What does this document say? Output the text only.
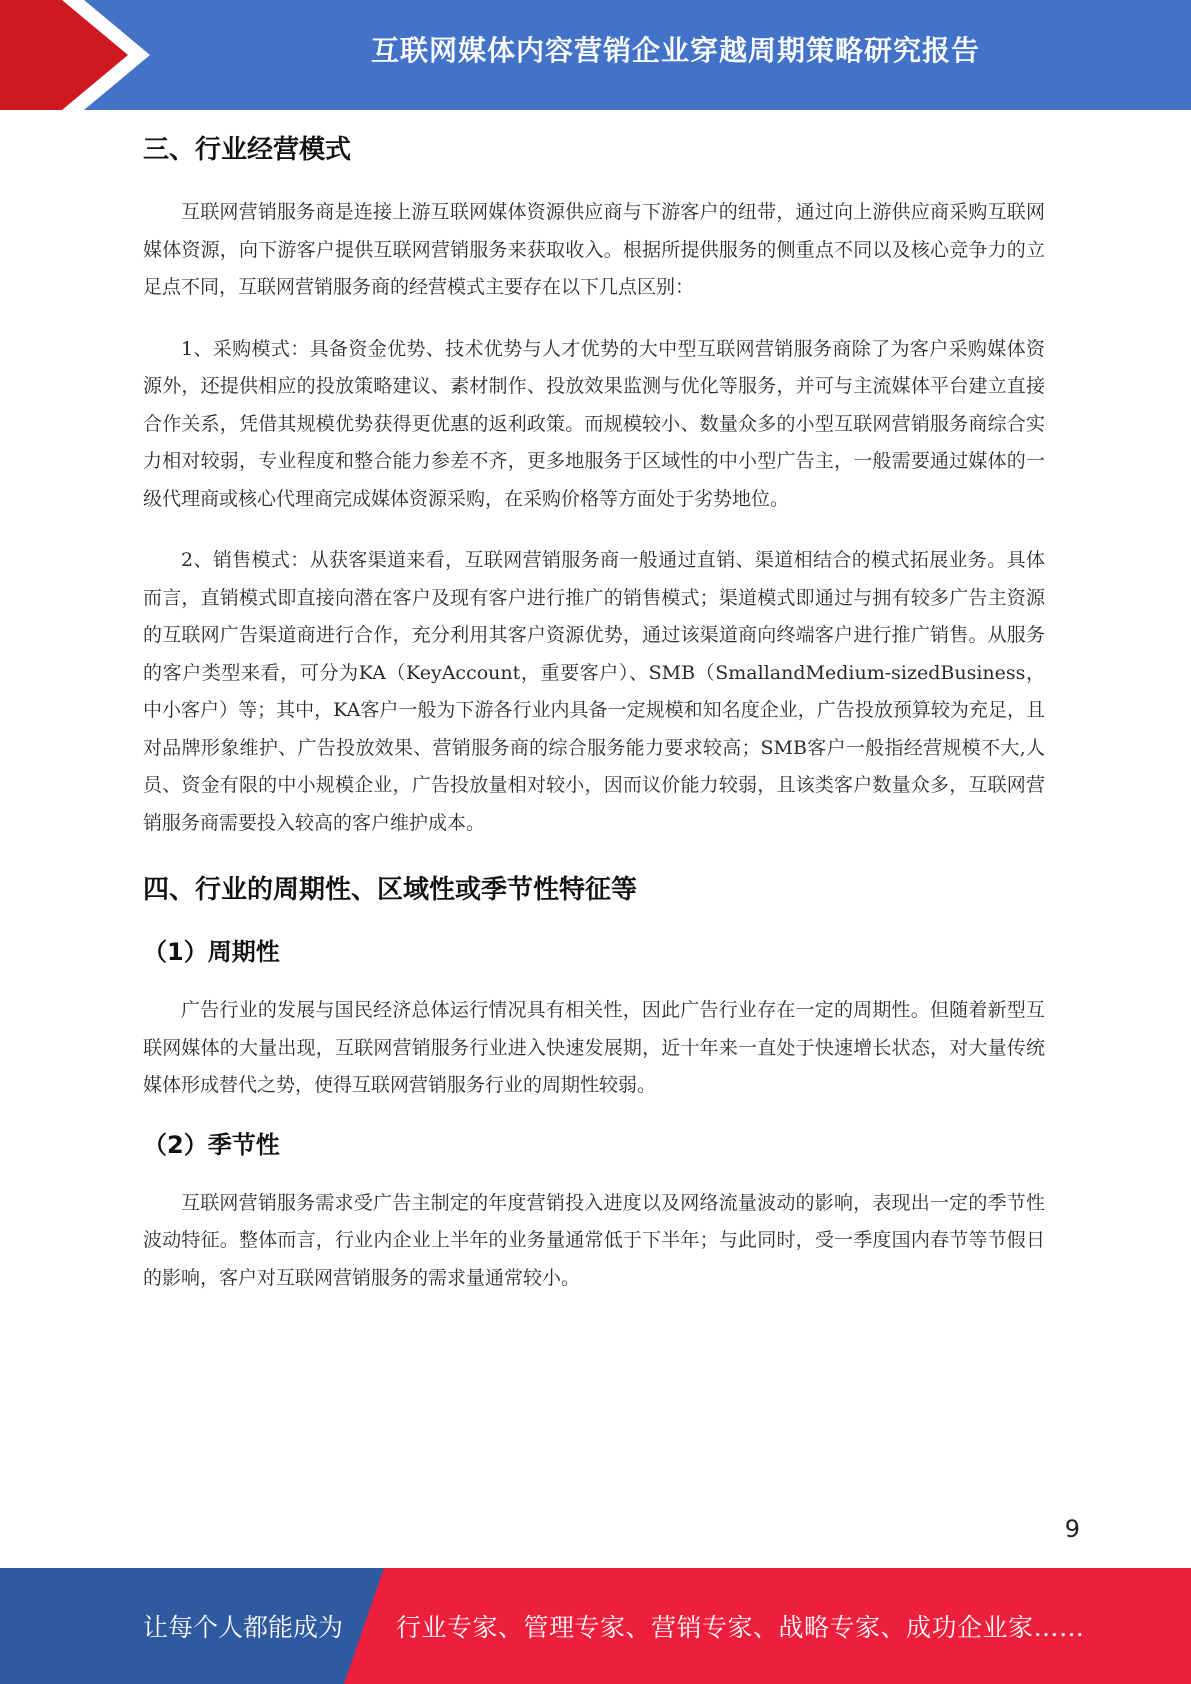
互联网媒体内容营销企业穿越周期策略研究报告
三、行业经营模式

互联网营销服务商是连接上游互联网媒体资源供应商与下游客户的纽带，通过向上游供应商采购互联网媒体资源，向下游客户提供互联网营销服务来获取收入。根据所提供服务的侧重点不同以及核心竞争力的立足点不同，互联网营销服务商的经营模式主要存在以下几点区别：

1、采购模式：具备资金优势、技术优势与人才优势的大中型互联网营销服务商除了为客户采购媒体资源外，还提供相应的投放策略建议、素材制作、投放效果监测与优化等服务，并可与主流媒体平台建立直接合作关系，凭借其规模优势获得更优惠的返利政策。而规模较小、数量众多的小型互联网营销服务商综合实力相对较弱，专业程度和整合能力参差不齐，更多地服务于区域性的中小型广告主，一般需要通过媒体的一级代理商或核心代理商完成媒体资源采购，在采购价格等方面处于劣势地位。

2、销售模式：从获客渠道来看，互联网营销服务商一般通过直销、渠道相结合的模式拓展业务。具体而言，直销模式即直接向潜在客户及现有客户进行推广的销售模式；渠道模式即通过与拥有较多广告主资源的互联网广告渠道商进行合作，充分利用其客户资源优势，通过该渠道商向终端客户进行推广销售。从服务的客户类型来看，可分为KA（KeyAccount，重要客户）、SMB（SmallandMedium-sizedBusiness，中小客户）等；其中，KA客户一般为下游各行业内具备一定规模和知名度企业，广告投放预算较为充足，且对品牌形象维护、广告投放效果、营销服务商的综合服务能力要求较高；SMB客户一般指经营规模不大,人员、资金有限的中小规模企业，广告投放量相对较小，因而议价能力较弱，且该类客户数量众多，互联网营销服务商需要投入较高的客户维护成本。

四、行业的周期性、区域性或季节性特征等
（1）周期性

广告行业的发展与国民经济总体运行情况具有相关性，因此广告行业存在一定的周期性。但随着新型互联网媒体的大量出现，互联网营销服务行业进入快速发展期，近十年来一直处于快速增长状态，对大量传统媒体形成替代之势，使得互联网营销服务行业的周期性较弱。

（2）季节性

互联网营销服务需求受广告主制定的年度营销投入进度以及网络流量波动的影响，表现出一定的季节性波动特征。整体而言，行业内企业上半年的业务量通常低于下半年；与此同时，受一季度国内春节等节假日的影响，客户对互联网营销服务的需求量通常较小。

9
让每个人都能成为 行业专家、管理专家、营销专家、战略专家、成功企业家……
